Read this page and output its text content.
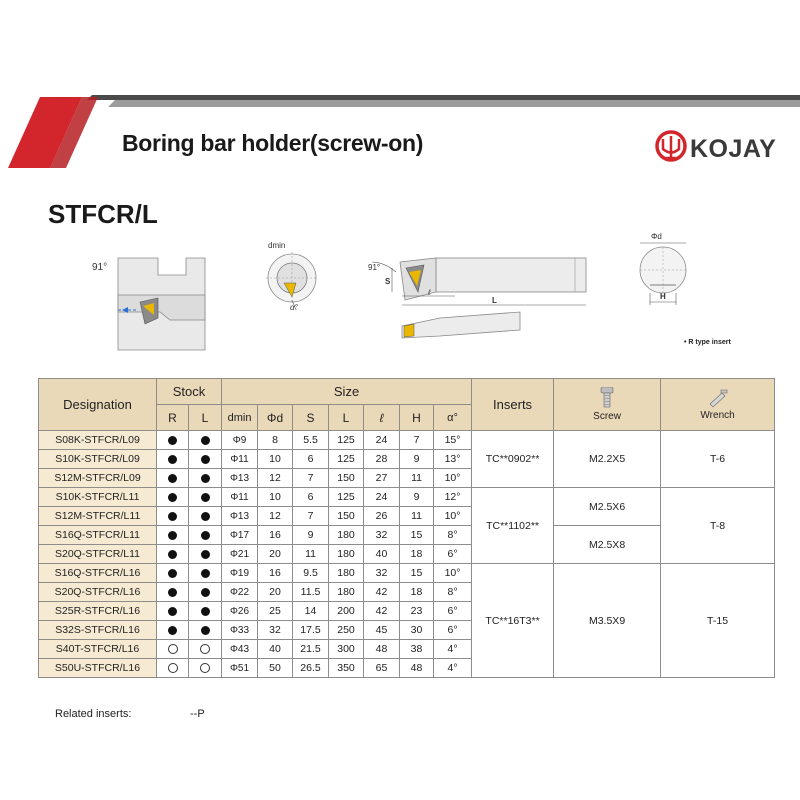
Boring bar holder(screw-on)	KOJAY
STFCR/L
91°
dmin
α°
91°
S
ℓ
L
Φd
H
• R type insert
Designation	Stock		Size							Inserts	Screw	Wrench

	R	L	dmin	Φd	S	L	ℓ	H	α°			
S08K-STFCR/L09			Φ9	8	5.5	125	24	7	15°	TC**0902**	M2.2X5	T-6
S10K-STFCR/L09			Φ11	10	6	125	28	9	13°			
S12M-STFCR/L09			Φ13	12	7	150	27	11	10°			
S10K-STFCR/L11			Φ11	10	6	125	24	9	12°	TC**1102**	M2.5X6	T-8
S12M-STFCR/L11			Φ13	12	7	150	26	11	10°			
S16Q-STFCR/L11			Φ17	16	9	180	32	15	8°		M2.5X8	
S20Q-STFCR/L11			Φ21	20	11	180	40	18	6°			
S16Q-STFCR/L16			Φ19	16	9.5	180	32	15	10°	TC**16T3**	M3.5X9	T-15
S20Q-STFCR/L16			Φ22	20	11.5	180	42	18	8°			
S25R-STFCR/L16			Φ26	25	14	200	42	23	6°			
S32S-STFCR/L16			Φ33	32	17.5	250	45	30	6°			
S40T-STFCR/L16			Φ43	40	21.5	300	48	38	4°			
S50U-STFCR/L16			Φ51	50	26.5	350	65	48	4°			
Related inserts:	--P
